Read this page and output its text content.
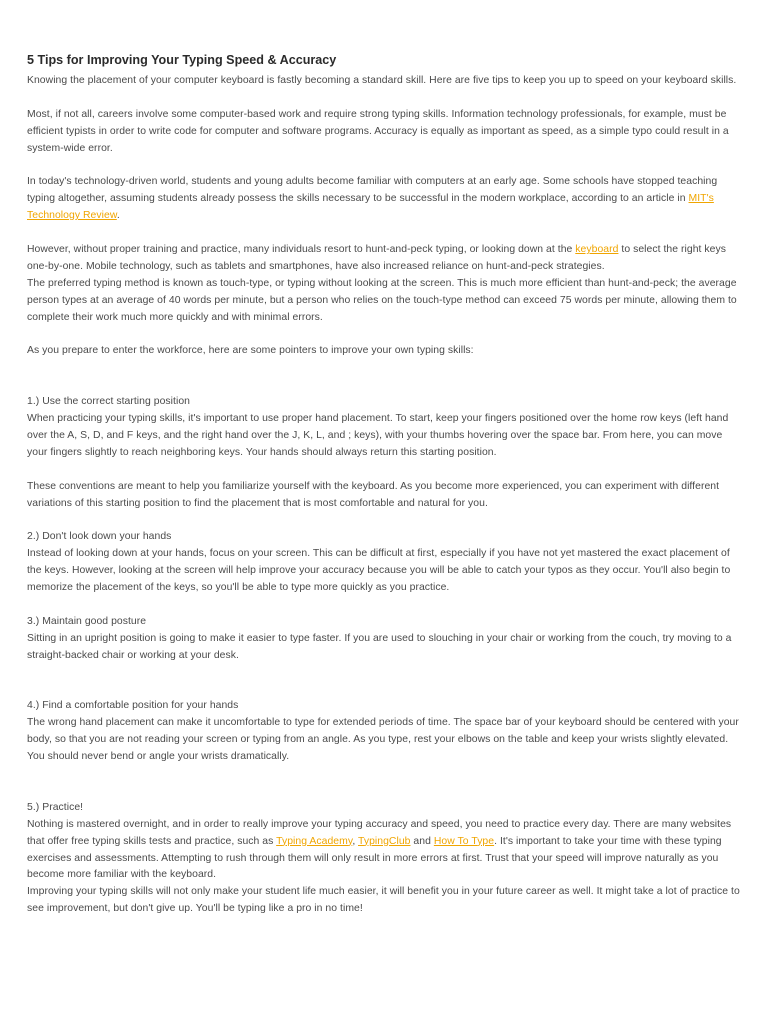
5 Tips for Improving Your Typing Speed & Accuracy

Knowing the placement of your computer keyboard is fastly becoming a standard skill. Here are five tips to keep you up to speed on your keyboard skills.

Most, if not all, careers involve some computer-based work and require strong typing skills. Information technology professionals, for example, must be efficient typists in order to write code for computer and software programs. Accuracy is equally as important as speed, as a simple typo could result in a system-wide error.

In today's technology-driven world, students and young adults become familiar with computers at an early age. Some schools have stopped teaching typing altogether, assuming students already possess the skills necessary to be successful in the modern workplace, according to an article in MIT's Technology Review.

However, without proper training and practice, many individuals resort to hunt-and-peck typing, or looking down at the keyboard to select the right keys one-by-one. Mobile technology, such as tablets and smartphones, have also increased reliance on hunt-and-peck strategies.

The preferred typing method is known as touch-type, or typing without looking at the screen. This is much more efficient than hunt-and-peck; the average person types at an average of 40 words per minute, but a person who relies on the touch-type method can exceed 75 words per minute, allowing them to complete their work much more quickly and with minimal errors.

As you prepare to enter the workforce, here are some pointers to improve your own typing skills:

1.) Use the correct starting position

When practicing your typing skills, it's important to use proper hand placement. To start, keep your fingers positioned over the home row keys (left hand over the A, S, D, and F keys, and the right hand over the J, K, L, and ; keys), with your thumbs hovering over the space bar. From here, you can move your fingers slightly to reach neighboring keys. Your hands should always return this starting position.

These conventions are meant to help you familiarize yourself with the keyboard. As you become more experienced, you can experiment with different variations of this starting position to find the placement that is most comfortable and natural for you.

2.) Don't look down your hands

Instead of looking down at your hands, focus on your screen. This can be difficult at first, especially if you have not yet mastered the exact placement of the keys. However, looking at the screen will help improve your accuracy because you will be able to catch your typos as they occur. You'll also begin to memorize the placement of the keys, so you'll be able to type more quickly as you practice.

3.) Maintain good posture

Sitting in an upright position is going to make it easier to type faster. If you are used to slouching in your chair or working from the couch, try moving to a straight-backed chair or working at your desk.

4.) Find a comfortable position for your hands

The wrong hand placement can make it uncomfortable to type for extended periods of time. The space bar of your keyboard should be centered with your body, so that you are not reading your screen or typing from an angle. As you type, rest your elbows on the table and keep your wrists slightly elevated. You should never bend or angle your wrists dramatically.

5.) Practice!

Nothing is mastered overnight, and in order to really improve your typing accuracy and speed, you need to practice every day. There are many websites that offer free typing skills tests and practice, such as Typing Academy, TypingClub and How To Type. It's important to take your time with these typing exercises and assessments. Attempting to rush through them will only result in more errors at first. Trust that your speed will improve naturally as you become more familiar with the keyboard.

Improving your typing skills will not only make your student life much easier, it will benefit you in your future career as well. It might take a lot of practice to see improvement, but don't give up. You'll be typing like a pro in no time!
